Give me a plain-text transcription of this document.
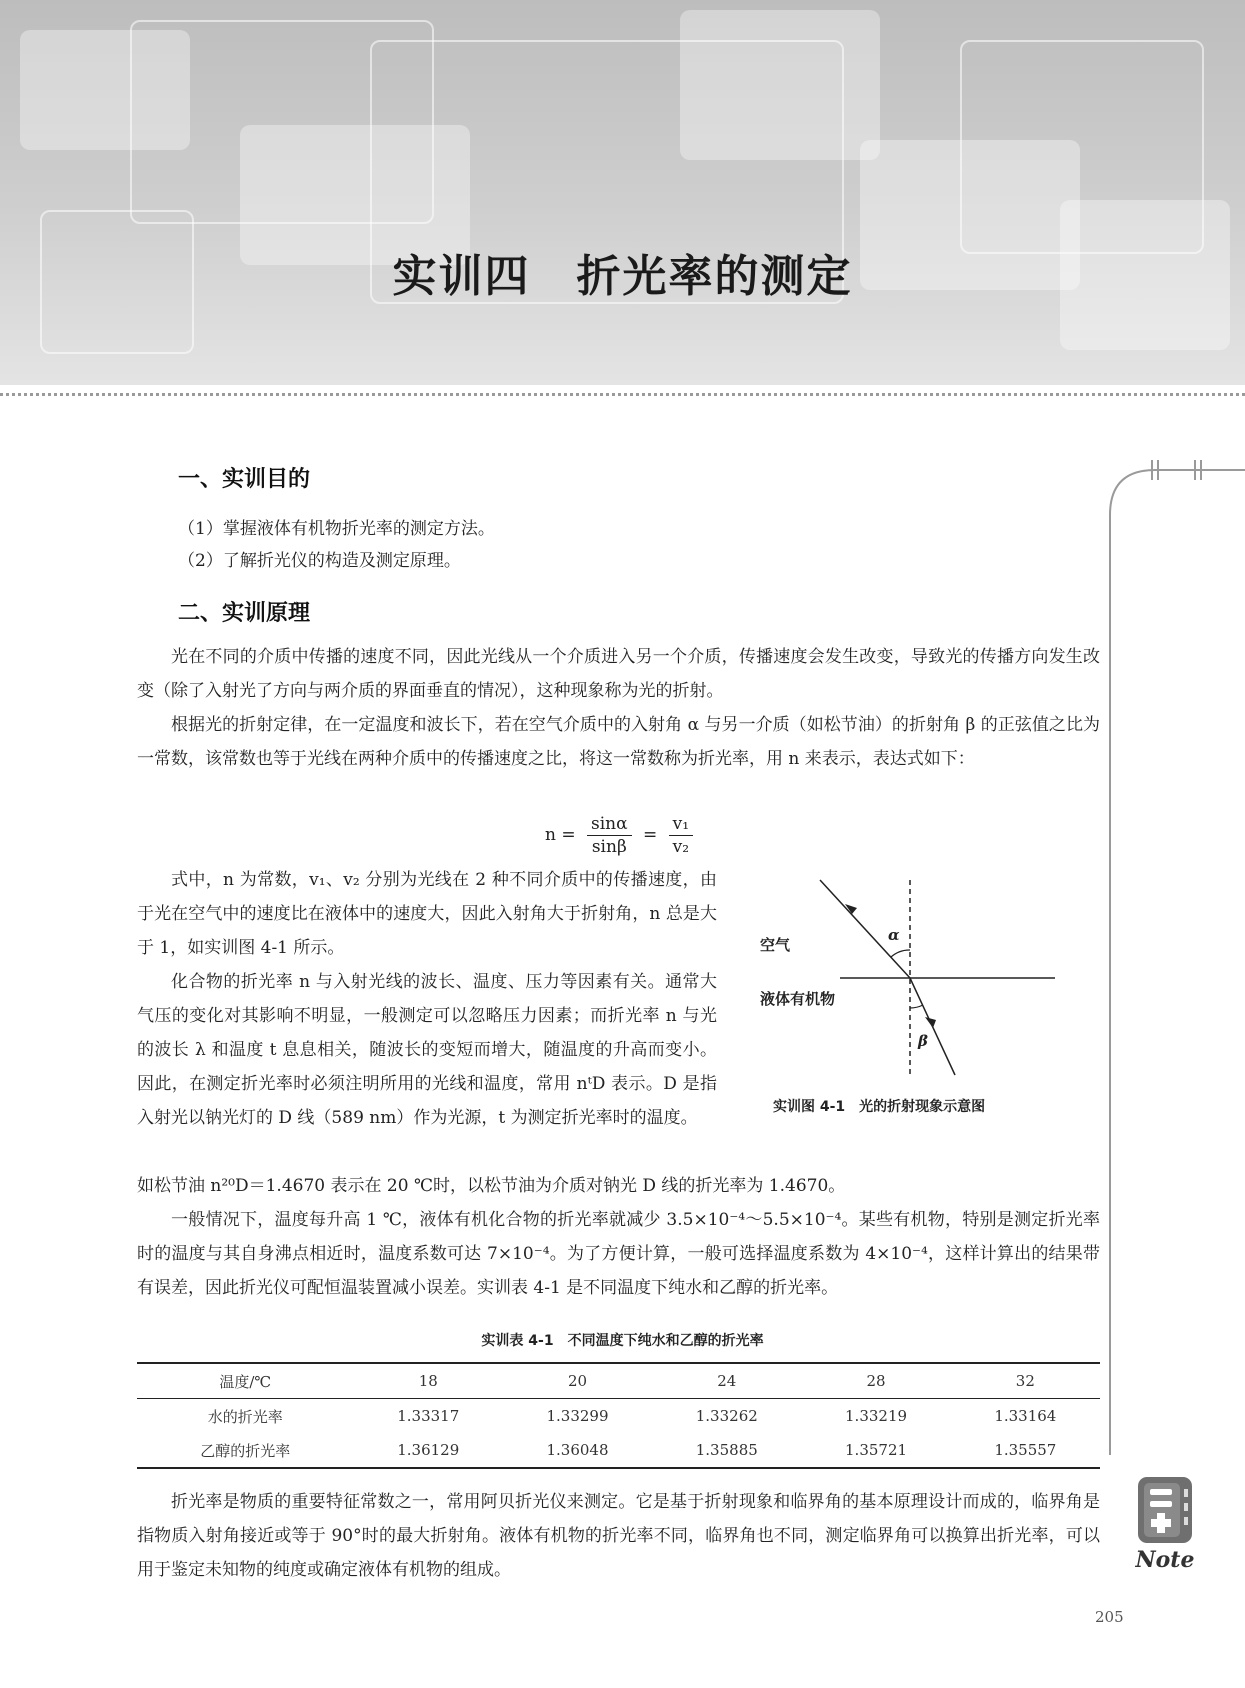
实训四　折光率的测定
一、实训目的
（1）掌握液体有机物折光率的测定方法。
（2）了解折光仪的构造及测定原理。
二、实训原理
光在不同的介质中传播的速度不同，因此光线从一个介质进入另一个介质，传播速度会发生改变，导致光的传播方向发生改变（除了入射光了方向与两介质的界面垂直的情况），这种现象称为光的折射。
根据光的折射定律，在一定温度和波长下，若在空气介质中的入射角 α 与另一介质（如松节油）的折射角 β 的正弦值之比为一常数，该常数也等于光线在两种介质中的传播速度之比，将这一常数称为折光率，用 n 来表示，表达式如下：
$n = \frac{\sin\alpha}{\sin\beta} = \frac{\text{v₁}}{\text{v₂}}$
式中，n 为常数，v₁、v₂ 分别为光线在 2 种不同介质中的传播速度，由于光在空气中的速度比在液体中的速度大，因此入射角大于折射角，n 总是大于 1，如实训图 4-1 所示。
化合物的折光率 n 与入射光线的波长、温度、压力等因素有关。通常大气压的变化对其影响不明显，一般测定可以忽略压力因素；而折光率 n 与光的波长 λ 和温度 t 息息相关，随波长的变短而增大，随温度的升高而变小。因此，在测定折光率时必须注明所用的光线和温度，常用 nᵗD 表示。D 是指入射光以钠光灯的 D 线（589 nm）作为光源，t 为测定折光率时的温度。
如松节油 n²⁰D＝1.4670 表示在 20 ℃时，以松节油为介质对钠光 D 线的折光率为 1.4670。
一般情况下，温度每升高 1 ℃，液体有机化合物的折光率就减少 3.5×10⁻⁴～5.5×10⁻⁴。某些有机物，特别是测定折光率时的温度与其自身沸点相近时，温度系数可达 7×10⁻⁴。为了方便计算，一般可选择温度系数为 4×10⁻⁴，这样计算出的结果带有误差，因此折光仪可配恒温装置减小误差。实训表 4-1 是不同温度下纯水和乙醇的折光率。
空气
液体有机物
α
β
实训图 4-1　光的折射现象示意图
实训表 4-1　不同温度下纯水和乙醇的折光率
温度/℃	18	20	24	28	32
水的折光率	1.33317	1.33299	1.33262	1.33219	1.33164
乙醇的折光率	1.36129	1.36048	1.35885	1.35721	1.35557
折光率是物质的重要特征常数之一，常用阿贝折光仪来测定。它是基于折射现象和临界角的基本原理设计而成的，临界角是指物质入射角接近或等于 90°时的最大折射角。液体有机物的折光率不同，临界角也不同，测定临界角可以换算出折光率，可以用于鉴定未知物的纯度或确定液体有机物的组成。	Note
205
